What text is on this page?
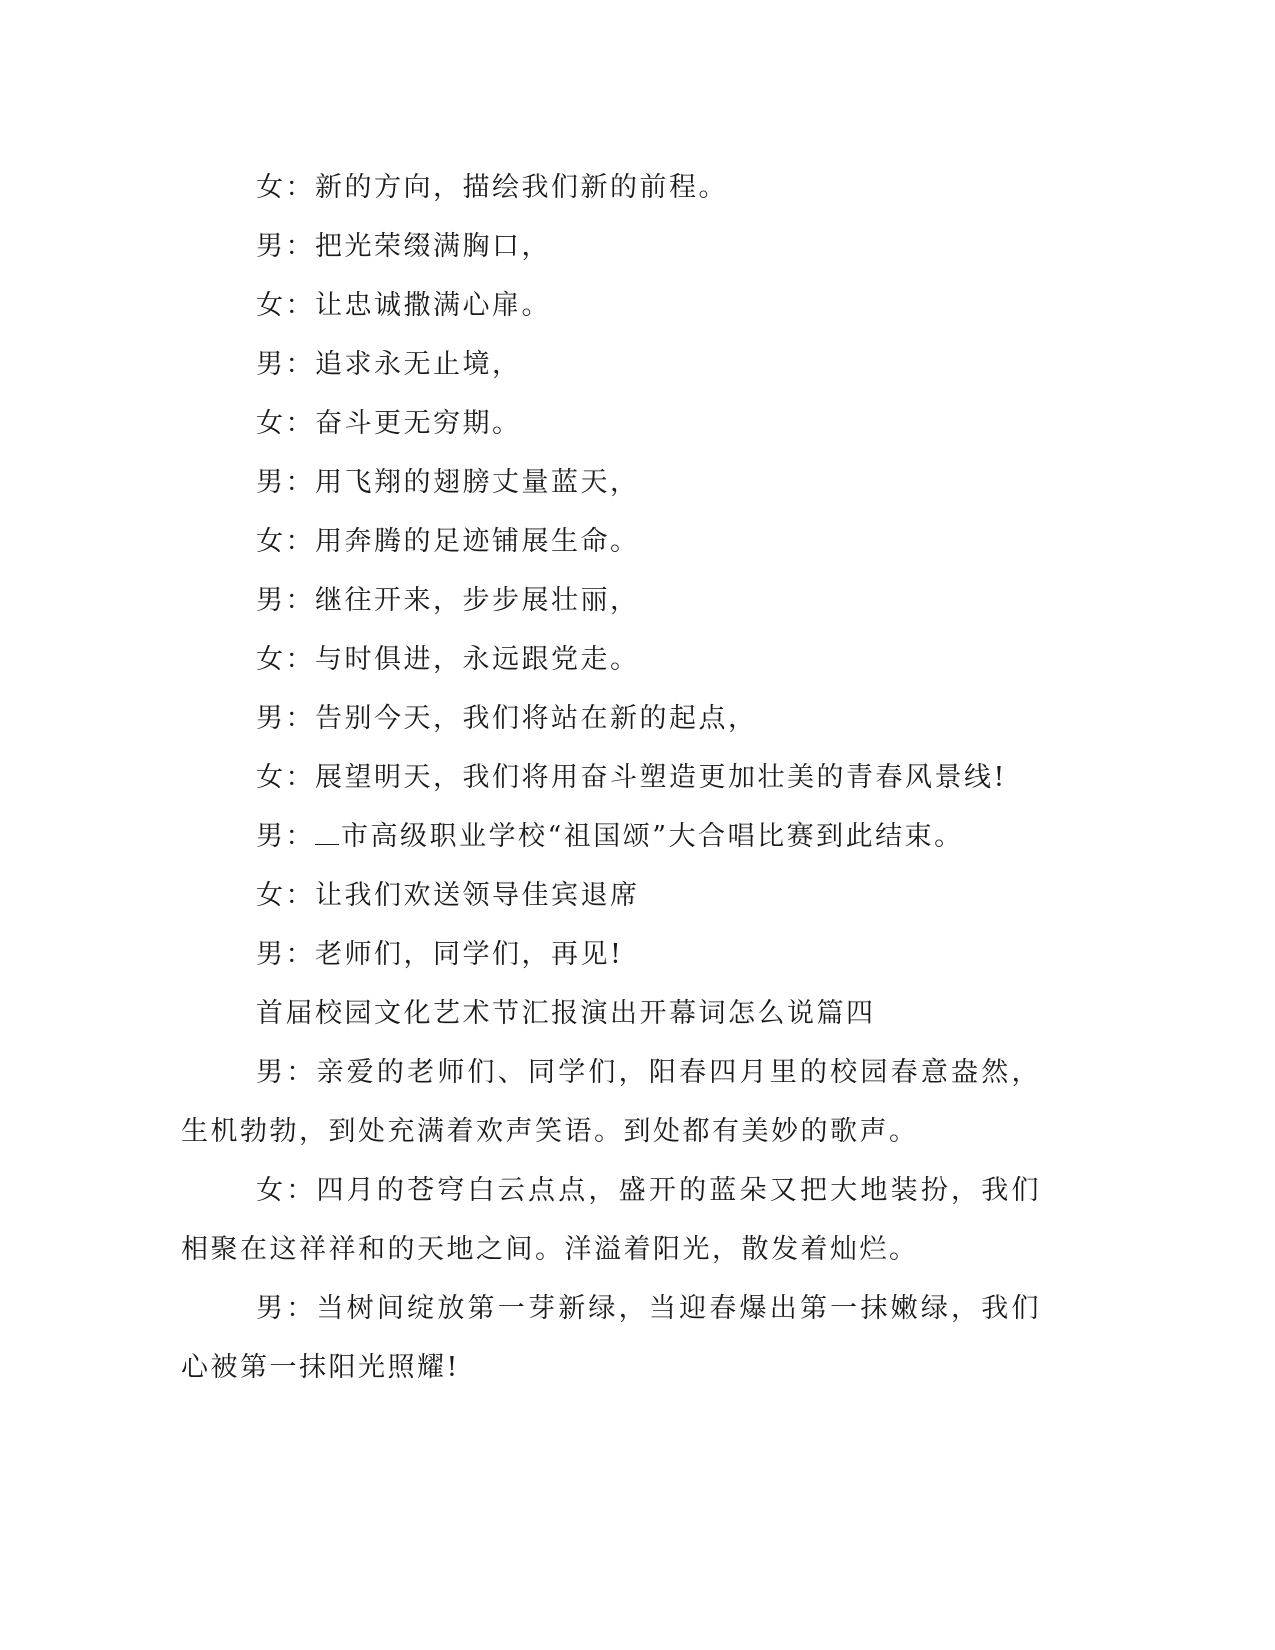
女：新的方向，描绘我们新的前程。

男：把光荣缀满胸口，

女：让忠诚撒满心扉。

男：追求永无止境，

女：奋斗更无穷期。

男：用飞翔的翅膀丈量蓝天，

女：用奔腾的足迹铺展生命。

男：继往开来，步步展壮丽，

女：与时俱进，永远跟党走。

男：告别今天，我们将站在新的起点，

女：展望明天，我们将用奋斗塑造更加壮美的青春风景线!

男： 市高级职业学校“祖国颂”大合唱比赛到此结束。

女：让我们欢送领导佳宾退席

男：老师们，同学们，再见!

首届校园文化艺术节汇报演出开幕词怎么说篇四

男：亲爱的老师们、同学们，阳春四月里的校园春意盎然，生机勃勃，到处充满着欢声笑语。到处都有美妙的歌声。

女：四月的苍穹白云点点，盛开的蓝朵又把大地装扮，我们相聚在这祥祥和的天地之间。洋溢着阳光，散发着灿烂。

男：当树间绽放第一芽新绿，当迎春爆出第一抹嫩绿，我们心被第一抹阳光照耀!
